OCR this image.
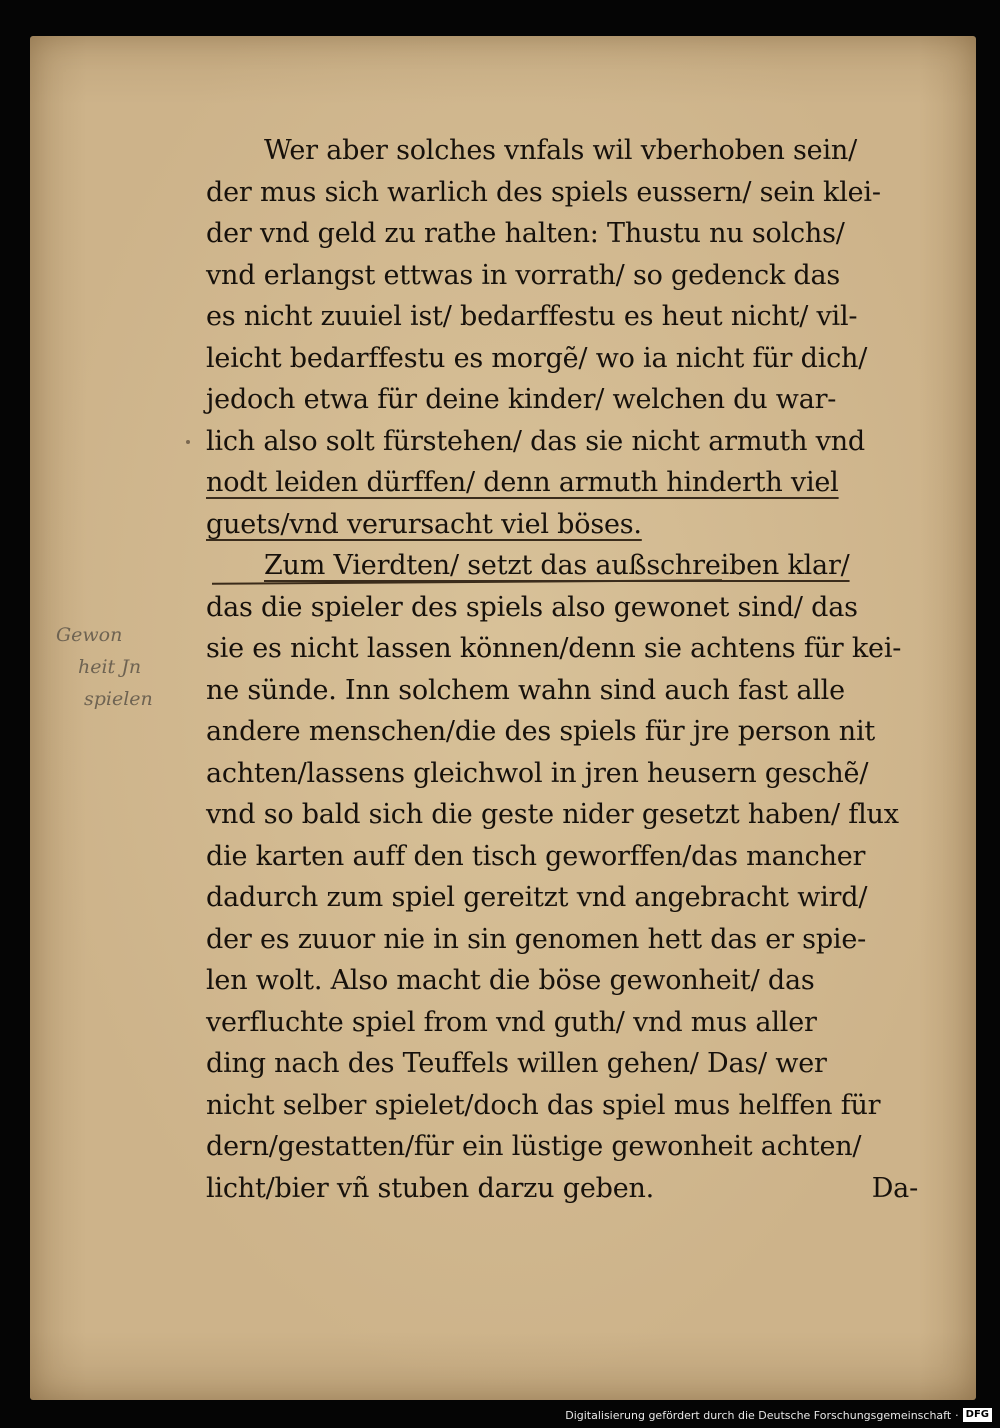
Gewon
heit Jn
spielen
Wer aber solches vnfals wil vberhoben sein/
der mus sich warlich des spiels eussern/ sein klei-
der vnd geld zu rathe halten: Thustu nu solchs/
vnd erlangst ettwas in vorrath/ so gedenck das
es nicht zuuiel ist/ bedarffestu es heut nicht/ vil-
leicht bedarffestu es morgẽ/ wo ia nicht für dich/
jedoch etwa für deine kinder/ welchen du war-
lich also solt fürstehen/ das sie nicht armuth vnd
nodt leiden dürffen/ denn armuth hinderth viel
guets/vnd verursacht viel böses.
Zum Vierdten/ setzt das außschreiben klar/
das die spieler des spiels also gewonet sind/ das
sie es nicht lassen können/denn sie achtens für kei-
ne sünde. Inn solchem wahn sind auch fast alle
andere menschen/die des spiels für jre person nit
achten/lassens gleichwol in jren heusern geschẽ/
vnd so bald sich die geste nider gesetzt haben/ flux
die karten auff den tisch geworffen/das mancher
dadurch zum spiel gereitzt vnd angebracht wird/
der es zuuor nie in sin genomen hett das er spie-
len wolt. Also macht die böse gewonheit/ das
verfluchte spiel from vnd guth/ vnd mus aller
ding nach des Teuffels willen gehen/ Das/ wer
nicht selber spielet/doch das spiel mus helffen für
dern/gestatten/für ein lüstige gewonheit achten/
licht/bier vñ stuben darzu geben.	Da-
Digitalisierung gefördert durch die Deutsche Forschungsgemeinschaft · DFG
